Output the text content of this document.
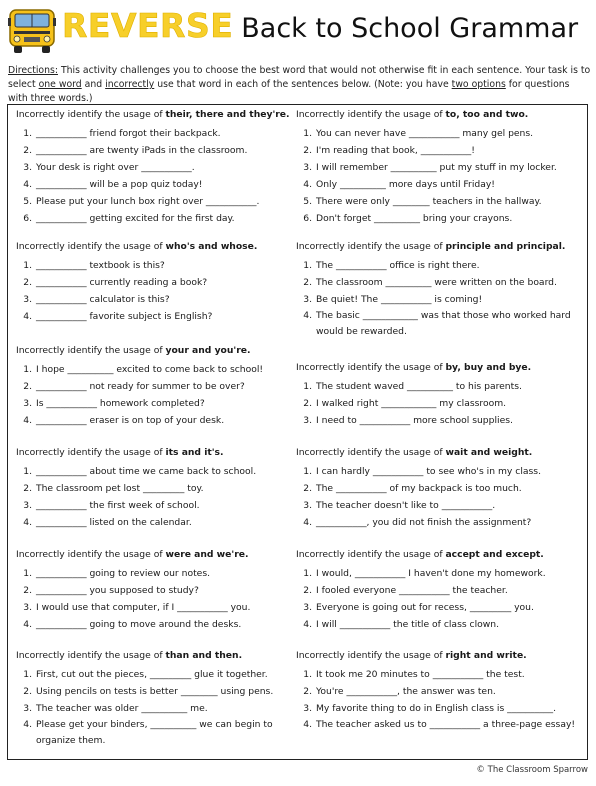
REVERSE Back to School Grammar
Directions: This activity challenges you to choose the best word that would not otherwise fit in each sentence. Your task is to select one word and incorrectly use that word in each of the sentences below. (Note: you have two options for questions with three words.)
Incorrectly identify the usage of their, there and they're.
1. ___________ friend forgot their backpack.
2. ___________ are twenty iPads in the classroom.
3. Your desk is right over ___________.
4. ___________ will be a pop quiz today!
5. Please put your lunch box right over ___________.
6. ___________ getting excited for the first day.
Incorrectly identify the usage of who's and whose.
1. ___________ textbook is this?
2. ___________ currently reading a book?
3. ___________ calculator is this?
4. ___________ favorite subject is English?
Incorrectly identify the usage of your and you're.
1. I hope __________ excited to come back to school!
2. ___________ not ready for summer to be over?
3. Is ___________ homework completed?
4. ___________ eraser is on top of your desk.
Incorrectly identify the usage of its and it's.
1. ___________ about time we came back to school.
2. The classroom pet lost _________ toy.
3. ___________ the first week of school.
4. ___________ listed on the calendar.
Incorrectly identify the usage of were and we're.
1. ___________ going to review our notes.
2. ___________ you supposed to study?
3. I would use that computer, if I ___________ you.
4. ___________ going to move around the desks.
Incorrectly identify the usage of than and then.
1. First, cut out the pieces, _________ glue it together.
2. Using pencils on tests is better ________ using pens.
3. The teacher was older __________ me.
4. Please get your binders, __________ we can begin to organize them.
Incorrectly identify the usage of to, too and two.
1. You can never have ___________ many gel pens.
2. I'm reading that book, ___________!
3. I will remember __________ put my stuff in my locker.
4. Only __________ more days until Friday!
5. There were only ________ teachers in the hallway.
6. Don't forget __________ bring your crayons.
Incorrectly identify the usage of principle and principal.
1. The ___________ office is right there.
2. The classroom __________ were written on the board.
3. Be quiet! The ___________ is coming!
4. The basic ____________ was that those who worked hard would be rewarded.
Incorrectly identify the usage of by, buy and bye.
1. The student waved __________ to his parents.
2. I walked right ____________ my classroom.
3. I need to ___________ more school supplies.
Incorrectly identify the usage of wait and weight.
1. I can hardly ___________ to see who's in my class.
2. The ___________ of my backpack is too much.
3. The teacher doesn't like to ___________.
4. ___________, you did not finish the assignment?
Incorrectly identify the usage of accept and except.
1. I would, ___________ I haven't done my homework.
2. I fooled everyone ___________ the teacher.
3. Everyone is going out for recess, _________ you.
4. I will ___________ the title of class clown.
Incorrectly identify the usage of right and write.
1. It took me 20 minutes to ___________ the test.
2. You're ___________, the answer was ten.
3. My favorite thing to do in English class is __________.
4. The teacher asked us to ___________ a three-page essay!
© The Classroom Sparrow
